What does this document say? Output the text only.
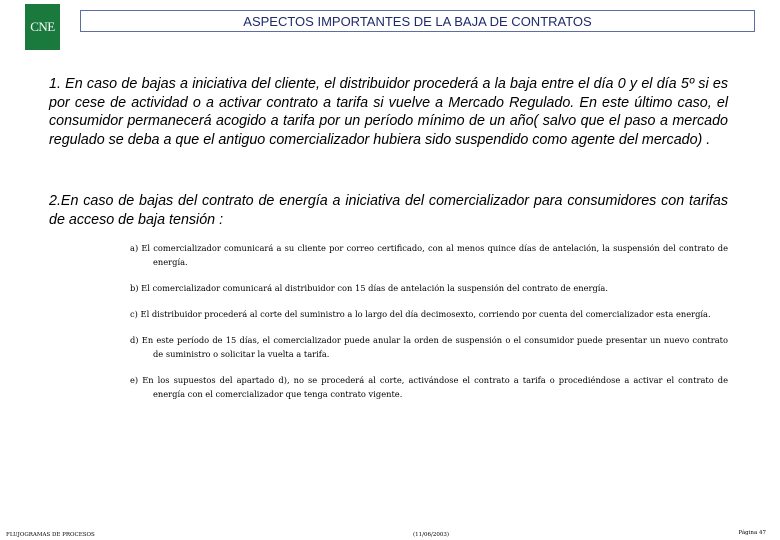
CNE	ASPECTOS IMPORTANTES DE LA BAJA DE CONTRATOS
1. En caso de bajas a iniciativa del cliente, el distribuidor procederá a la baja entre el día 0 y el día 5º si es por cese de actividad o a activar contrato a tarifa si vuelve a Mercado Regulado. En este último caso, el consumidor permanecerá acogido a tarifa por un período mínimo de un año( salvo que el paso a mercado regulado se deba a que el antiguo comercializador hubiera sido suspendido como agente del mercado) .
2.En caso de bajas del contrato de energía a iniciativa del comercializador para consumidores con tarifas de acceso de baja tensión :
a) El comercializador comunicará a su cliente por correo certificado, con al menos quince días de antelación, la suspensión del contrato de energía.
b) El comercializador comunicará al distribuidor con 15 días de antelación la suspensión del contrato de energía.
c) El distribuidor procederá al corte del suministro a lo largo del día decimosexto, corriendo por cuenta del comercializador esta energía.
d) En este período de 15 días, el comercializador puede anular la orden de suspensión o el consumidor puede presentar un nuevo contrato de suministro o solicitar la vuelta a tarifa.
e) En los supuestos del apartado d), no se procederá al corte, activándose el contrato a tarifa o procediéndose a activar el contrato de energía con el comercializador que tenga contrato vigente.
FLUJOGRAMAS DE PROCESOS	(11/06/2003)	Página 47
